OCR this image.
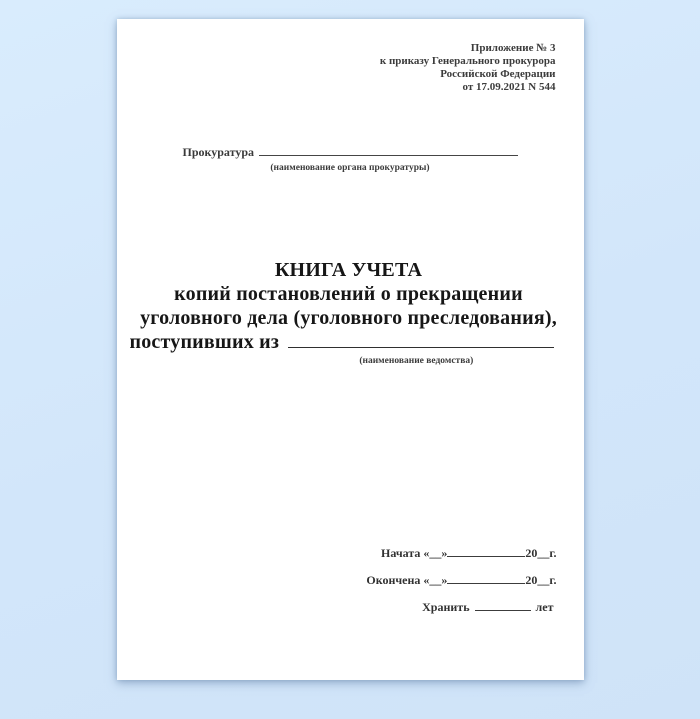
Приложение № 3
к приказу Генерального прокурора
Российской Федерации
от 17.09.2021 N 544
Прокуратура
(наименование органа прокуратуры)
КНИГА УЧЕТА
копий постановлений о прекращении
уголовного дела (уголовного преследования),
поступивших из
(наименование ведомства)
Начата «__»	20__г.
Окончена «__»	20__г.
Хранить	лет
